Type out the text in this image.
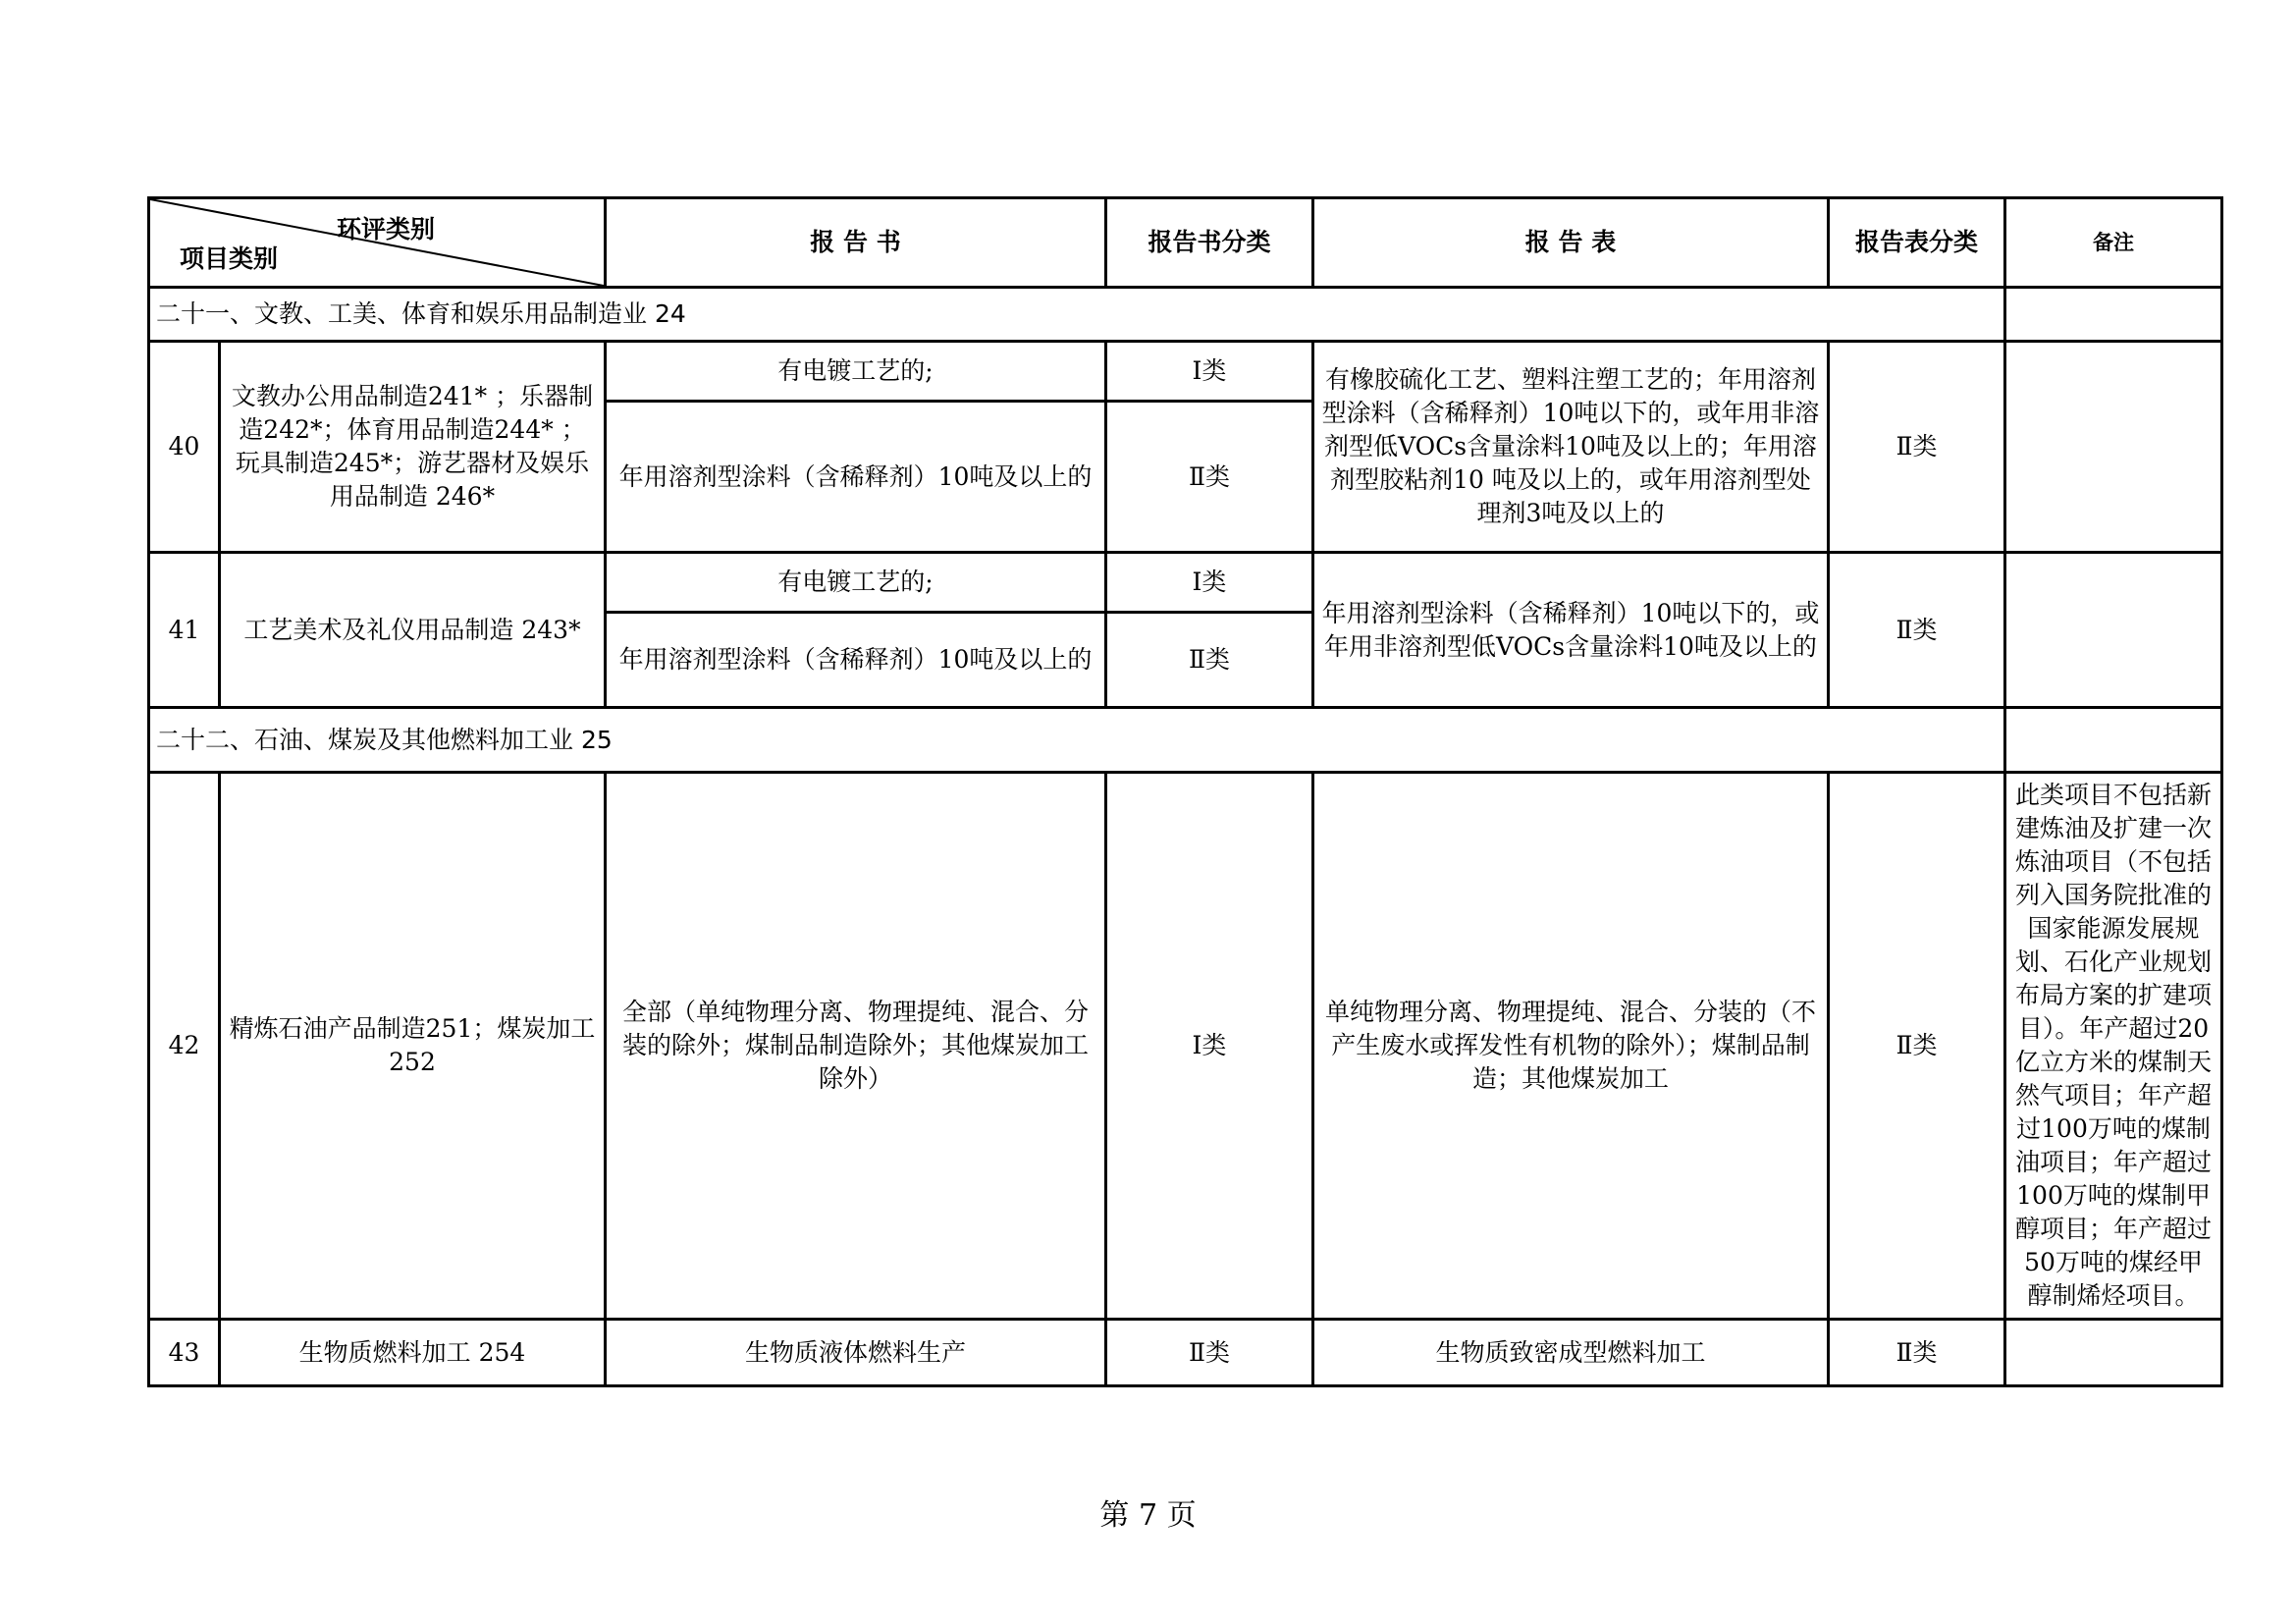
环评类别
项目类别		报 告 书	报告书分类	报 告 表	报告表分类	备注
二十一、文教、工美、体育和娱乐用品制造业 24						
40	文教办公用品制造241* ；乐器制造242*；体育用品制造244* ；玩具制造245*；游艺器材及娱乐用品制造 246*	有电镀工艺的;	Ⅰ类	有橡胶硫化工艺、塑料注塑工艺的；年用溶剂型涂料（含稀释剂）10吨以下的，或年用非溶剂型低VOCs含量涂料10吨及以上的；年用溶剂型胶粘剂10 吨及以上的，或年用溶剂型处理剂3吨及以上的	Ⅱ类	
		年用溶剂型涂料（含稀释剂）10吨及以上的	Ⅱ类			
41	工艺美术及礼仪用品制造 243*	有电镀工艺的;	Ⅰ类	年用溶剂型涂料（含稀释剂）10吨以下的，或年用非溶剂型低VOCs含量涂料10吨及以上的	Ⅱ类	
		年用溶剂型涂料（含稀释剂）10吨及以上的	Ⅱ类			
二十二、石油、煤炭及其他燃料加工业 25						
42	精炼石油产品制造251；煤炭加工 252	全部（单纯物理分离、物理提纯、混合、分装的除外；煤制品制造除外；其他煤炭加工除外）	Ⅰ类	单纯物理分离、物理提纯、混合、分装的（不产生废水或挥发性有机物的除外）；煤制品制造；其他煤炭加工	Ⅱ类	此类项目不包括新建炼油及扩建一次炼油项目（不包括列入国务院批准的国家能源发展规划、石化产业规划布局方案的扩建项目）。年产超过20亿立方米的煤制天然气项目；年产超过100万吨的煤制油项目；年产超过100万吨的煤制甲醇项目；年产超过50万吨的煤经甲醇制烯烃项目。
43	生物质燃料加工 254	生物质液体燃料生产	Ⅱ类	生物质致密成型燃料加工	Ⅱ类	
第 7 页
